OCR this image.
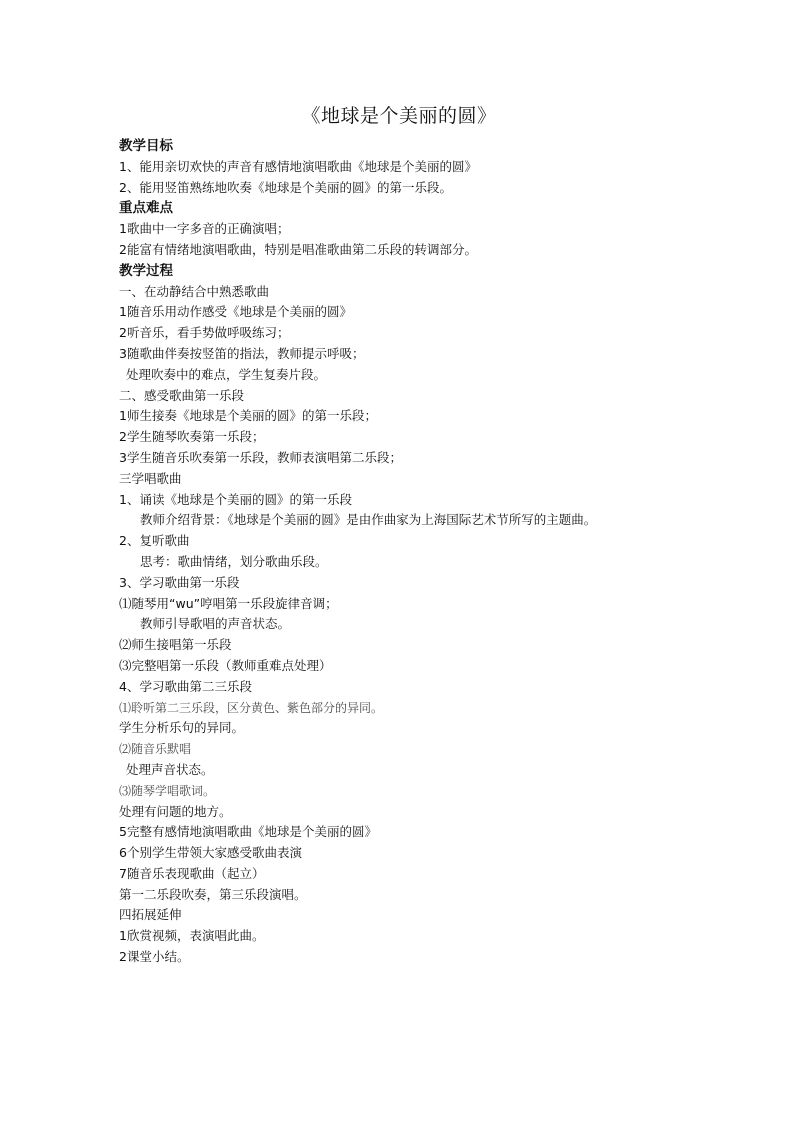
《地球是个美丽的圆》
教学目标
1、能用亲切欢快的声音有感情地演唱歌曲《地球是个美丽的圆》
2、能用竖笛熟练地吹奏《地球是个美丽的圆》的第一乐段。
重点难点
1歌曲中一字多音的正确演唱；
2能富有情绪地演唱歌曲，特别是唱准歌曲第二乐段的转调部分。
教学过程
一、在动静结合中熟悉歌曲
1随音乐用动作感受《地球是个美丽的圆》
2听音乐，看手势做呼吸练习；
3随歌曲伴奏按竖笛的指法，教师提示呼吸；
处理吹奏中的难点，学生复奏片段。
二、感受歌曲第一乐段
1师生接奏《地球是个美丽的圆》的第一乐段；
2学生随琴吹奏第一乐段；
3学生随音乐吹奏第一乐段，教师表演唱第二乐段；
三学唱歌曲
1、诵读《地球是个美丽的圆》的第一乐段
教师介绍背景：《地球是个美丽的圆》是由作曲家为上海国际艺术节所写的主题曲。
2、复听歌曲
思考：歌曲情绪，划分歌曲乐段。
3、学习歌曲第一乐段
⑴随琴用“wu”哼唱第一乐段旋律音调；
教师引导歌唱的声音状态。
⑵师生接唱第一乐段
⑶完整唱第一乐段（教师重难点处理）
4、学习歌曲第二三乐段
⑴聆听第二三乐段，区分黄色、紫色部分的异同。
学生分析乐句的异同。
⑵随音乐默唱
处理声音状态。
⑶随琴学唱歌词。
处理有问题的地方。
5完整有感情地演唱歌曲《地球是个美丽的圆》
6个别学生带领大家感受歌曲表演
7随音乐表现歌曲（起立）
第一二乐段吹奏，第三乐段演唱。
四拓展延伸
1欣赏视频，表演唱此曲。
2课堂小结。
